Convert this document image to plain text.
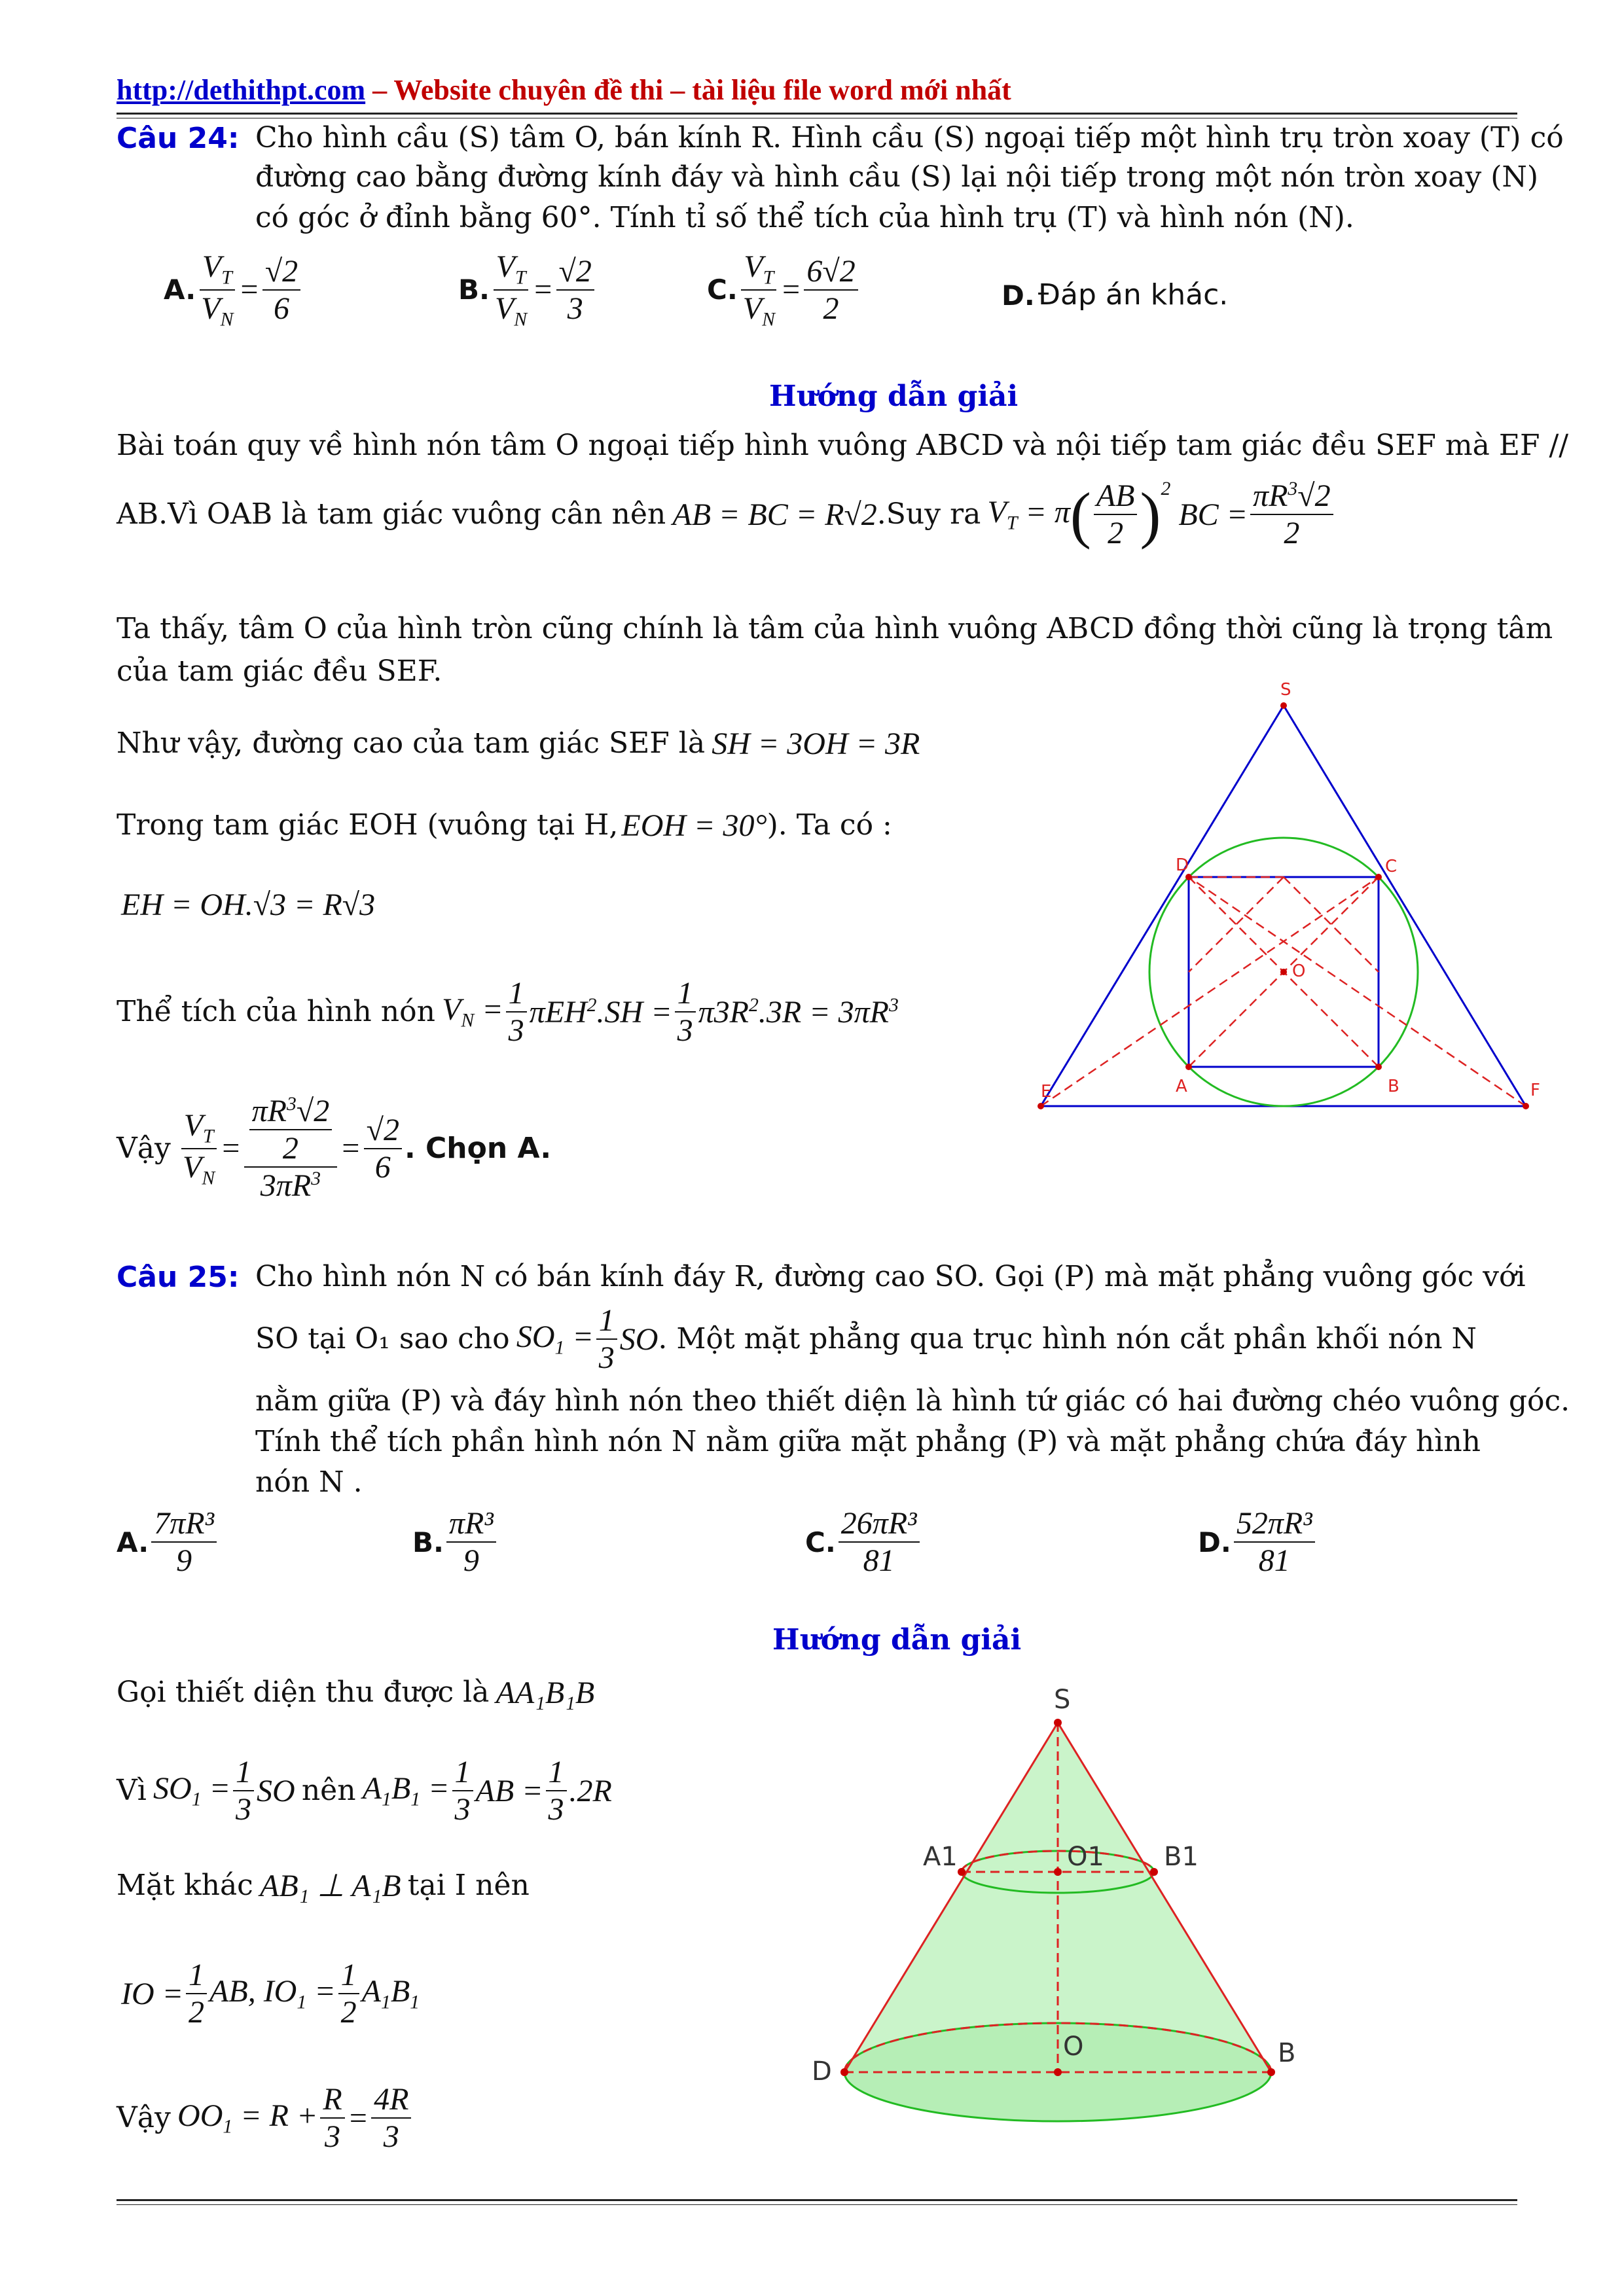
http://dethithpt.com – Website chuyên đề thi – tài liệu file word mới nhất
Câu 24: Cho hình cầu (S) tâm O, bán kính R. Hình cầu (S) ngoại tiếp một hình trụ tròn xoay (T) có
đường cao bằng đường kính đáy và hình cầu (S) lại nội tiếp trong một nón tròn xoay (N)
có góc ở đỉnh bằng 60°. Tính tỉ số thể tích của hình trụ (T) và hình nón (N).
A. $\frac{V_T}{V_N} = \frac{√2}{6}$	B. $\frac{V_T}{V_N} = \frac{√2}{3}$	C. $\frac{V_T}{V_N} = \frac{6√2}{2}$	D.
Đáp án khác.
Hướng dẫn giải
Bài toán quy về hình nón tâm O ngoại tiếp hình vuông ABCD và nội tiếp tam giác đều SEF mà EF //
AB.Vì OAB là tam giác vuông cân nên
AB = BC = R√2 .Suy ra
$V_T = \pi$ ( $\frac{AB}{2}$ ) $^2$
BC = $\frac{\pi R^3√2}{2}$
Ta thấy, tâm O của hình tròn cũng chính là tâm của hình vuông ABCD đồng thời cũng là trọng tâm
của tam giác đều SEF.
Như vậy, đường cao của tam giác SEF là
SH = 3OH = 3R
Trong tam giác EOH (vuông tại H,
EOH = 30° ). Ta có :
EH = OH.√3 = R√3
Thể tích của hình nón
$V_N = \frac{1}{3} \pi EH^2.SH = \frac{1}{3} \pi 3R^2.3R = 3\pi R^3$
Vậy
$\frac{V_T}{V_N} = \frac{\frac{\pi R^3√2}{2}}{3\pi R^3} = \frac{√2}{6}$ . Chọn A.
S
D	C
O
E	A	B	F
Câu 25: Cho hình nón N có bán kính đáy R, đường cao SO. Gọi (P) mà mặt phẳng vuông góc với
SO tại O₁ sao cho
$SO_1 = \frac{1}{3}$ SO . Một mặt phẳng qua trục hình nón cắt phần khối nón N
nằm giữa (P) và đáy hình nón theo thiết diện là hình tứ giác có hai đường chéo vuông góc.
Tính thể tích phần hình nón N nằm giữa mặt phẳng (P) và mặt phẳng chứa đáy hình
nón N .
A. $\frac{\text{7πR³}}{9}$	B. $\frac{\text{πR³}}{9}$	C. $\frac{\text{26πR³}}{81}$	D. $\frac{\text{52πR³}}{81}$
Hướng dẫn giải
Gọi thiết diện thu được là
AA₁B₁B
Vì
$SO_1 = \frac{1}{3}$ SO
nên
$A_1B_1 = \frac{1}{3}$ AB = $\frac{1}{3} .2R$
Mặt khác
AB₁ ⊥ A₁B
tại I nên
IO = $\frac{1}{2}$ AB, $IO_1 = \frac{1}{2} A_1B_1$
Vậy
$OO_1 = R + \frac{R}{3} = \frac{4R}{3}$
S
A1	O1 B1
D
O	B
